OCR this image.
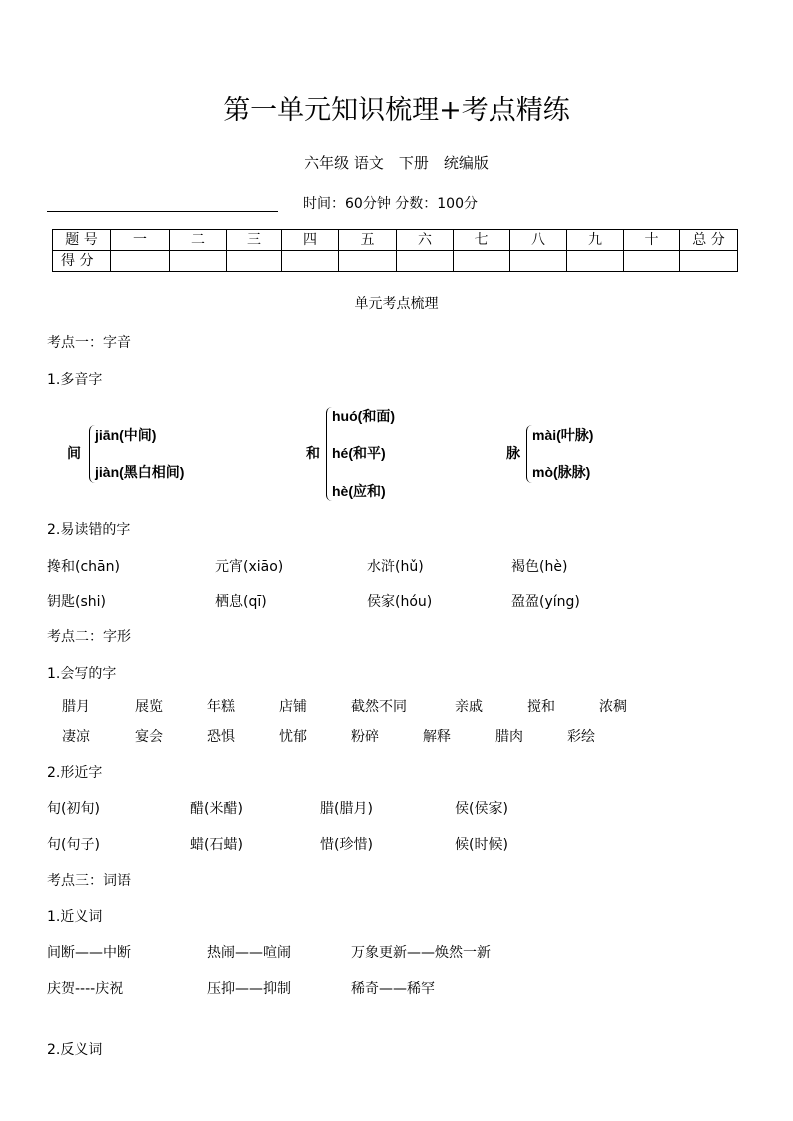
第一单元知识梳理+考点精练
六年级 语文　下册　统编版
时间：60分钟 分数：100分
题 号	一	二	三	四	五	六	七	八	九	十	总 分
得 分											
单元考点梳理
考点一：字音
1.多音字
间
jiān(中间)
jiàn(黑白相间)
和
huó(和面)
hé(和平)
hè(应和)
脉
mài(叶脉)
mò(脉脉)
2.易读错的字
考点二：字形
1.会写的字
2.形近字
考点三：词语
1.近义词
2.反义词
搀和(chān)	元宵(xiāo)	水浒(hǔ)	褐色(hè)
钥匙(shi)	栖息(qī)	侯家(hóu)	盈盈(yíng)
腊月	展览	年糕	店铺	截然不同	亲戚	搅和	浓稠
凄凉	宴会	恐惧	忧郁	粉碎	解释	腊肉	彩绘
旬(初旬)	醋(米醋)	腊(腊月)	侯(侯家)
句(句子)	蜡(石蜡)	惜(珍惜)	候(时候)
间断——中断	热闹——喧闹	万象更新——焕然一新
庆贺----庆祝	压抑——抑制	稀奇——稀罕
